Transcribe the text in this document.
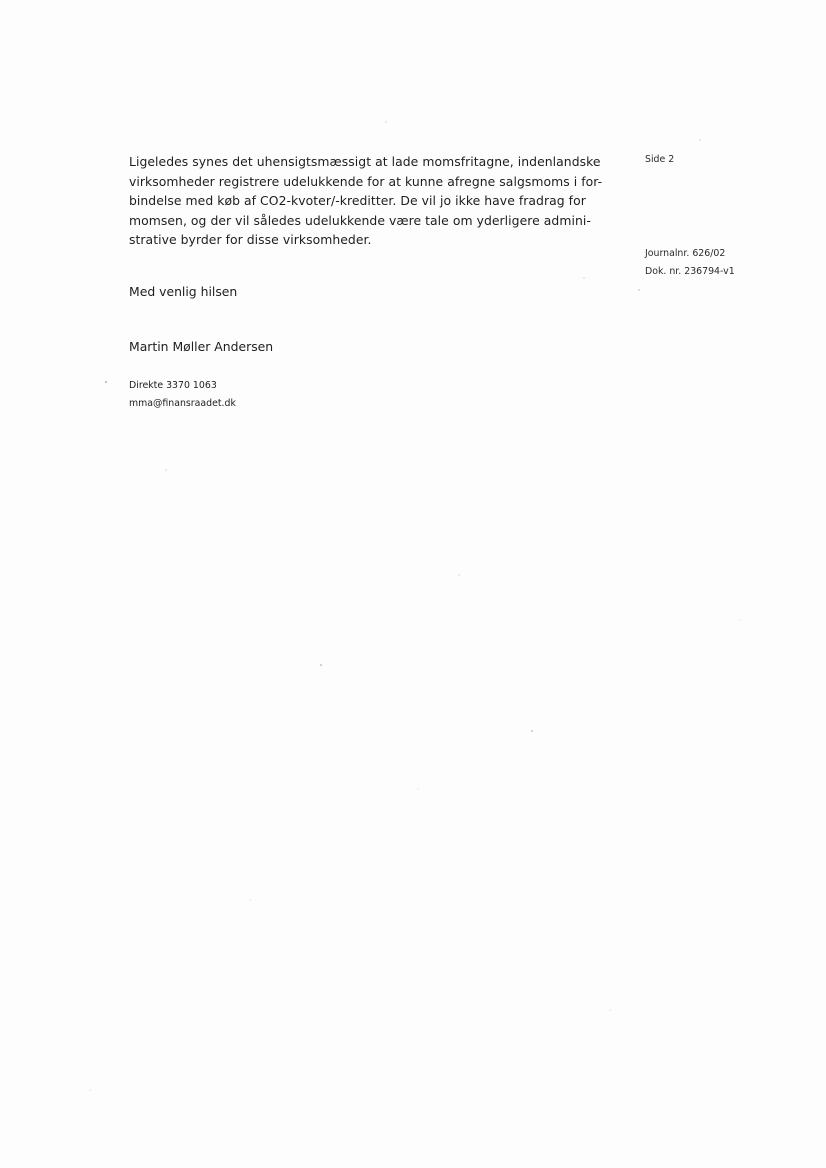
Ligeledes synes det uhensigtsmæssigt at lade momsfritagne, indenlandske
virksomheder registrere udelukkende for at kunne afregne salgsmoms i for-
bindelse med køb af CO2-kvoter/-kreditter. De vil jo ikke have fradrag for
momsen, og der vil således udelukkende være tale om yderligere admini-
strative byrder for disse virksomheder.

Med venlig hilsen

Martin Møller Andersen

Direkte 3370 1063
mma@finansraadet.dk
Side 2
Journalnr. 626/02
Dok. nr. 236794-v1
